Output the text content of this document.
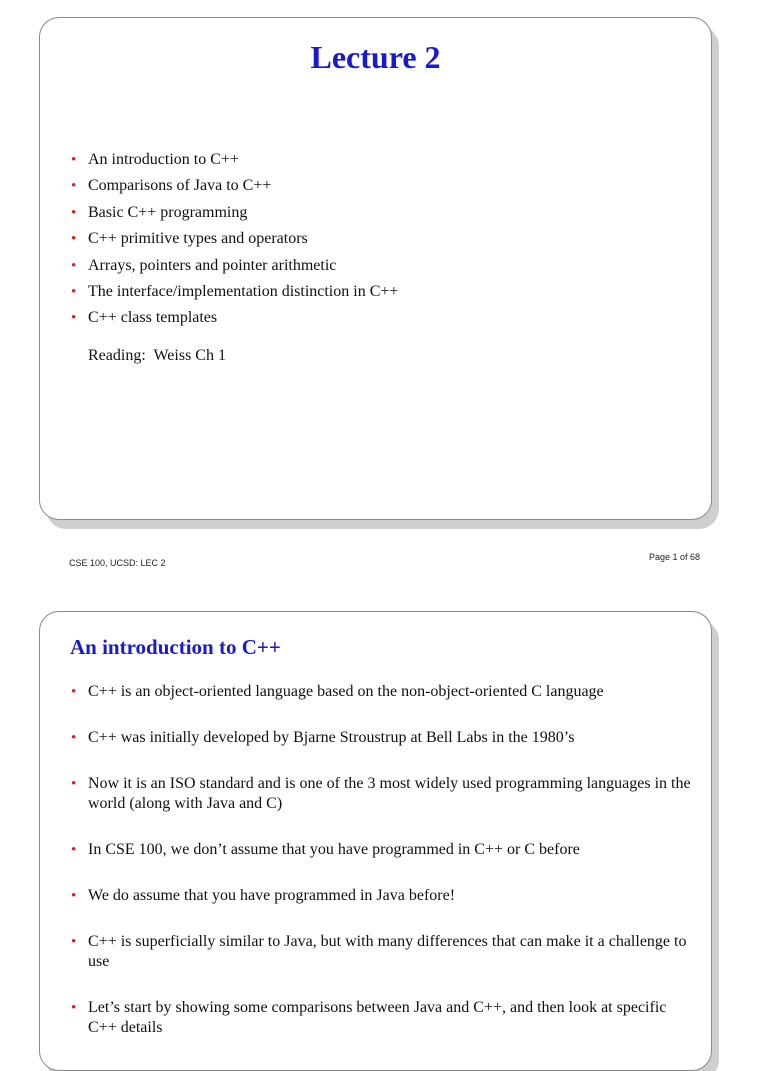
Lecture 2
• An introduction to C++
• Comparisons of Java to C++
• Basic C++ programming
• C++ primitive types and operators
• Arrays, pointers and pointer arithmetic
• The interface/implementation distinction in C++
• C++ class templates
Reading:  Weiss Ch 1
CSE 100, UCSD: LEC 2
Page 1 of 68
An introduction to C++
• C++ is an object-oriented language based on the non-object-oriented C language
• C++ was initially developed by Bjarne Stroustrup at Bell Labs in the 1980’s
• Now it is an ISO standard and is one of the 3 most widely used programming languages in the world (along with Java and C)
• In CSE 100, we don’t assume that you have programmed in C++ or C before
• We do assume that you have programmed in Java before!
• C++ is superficially similar to Java, but with many differences that can make it a challenge to use
• Let’s start by showing some comparisons between Java and C++, and then look at specific C++ details
